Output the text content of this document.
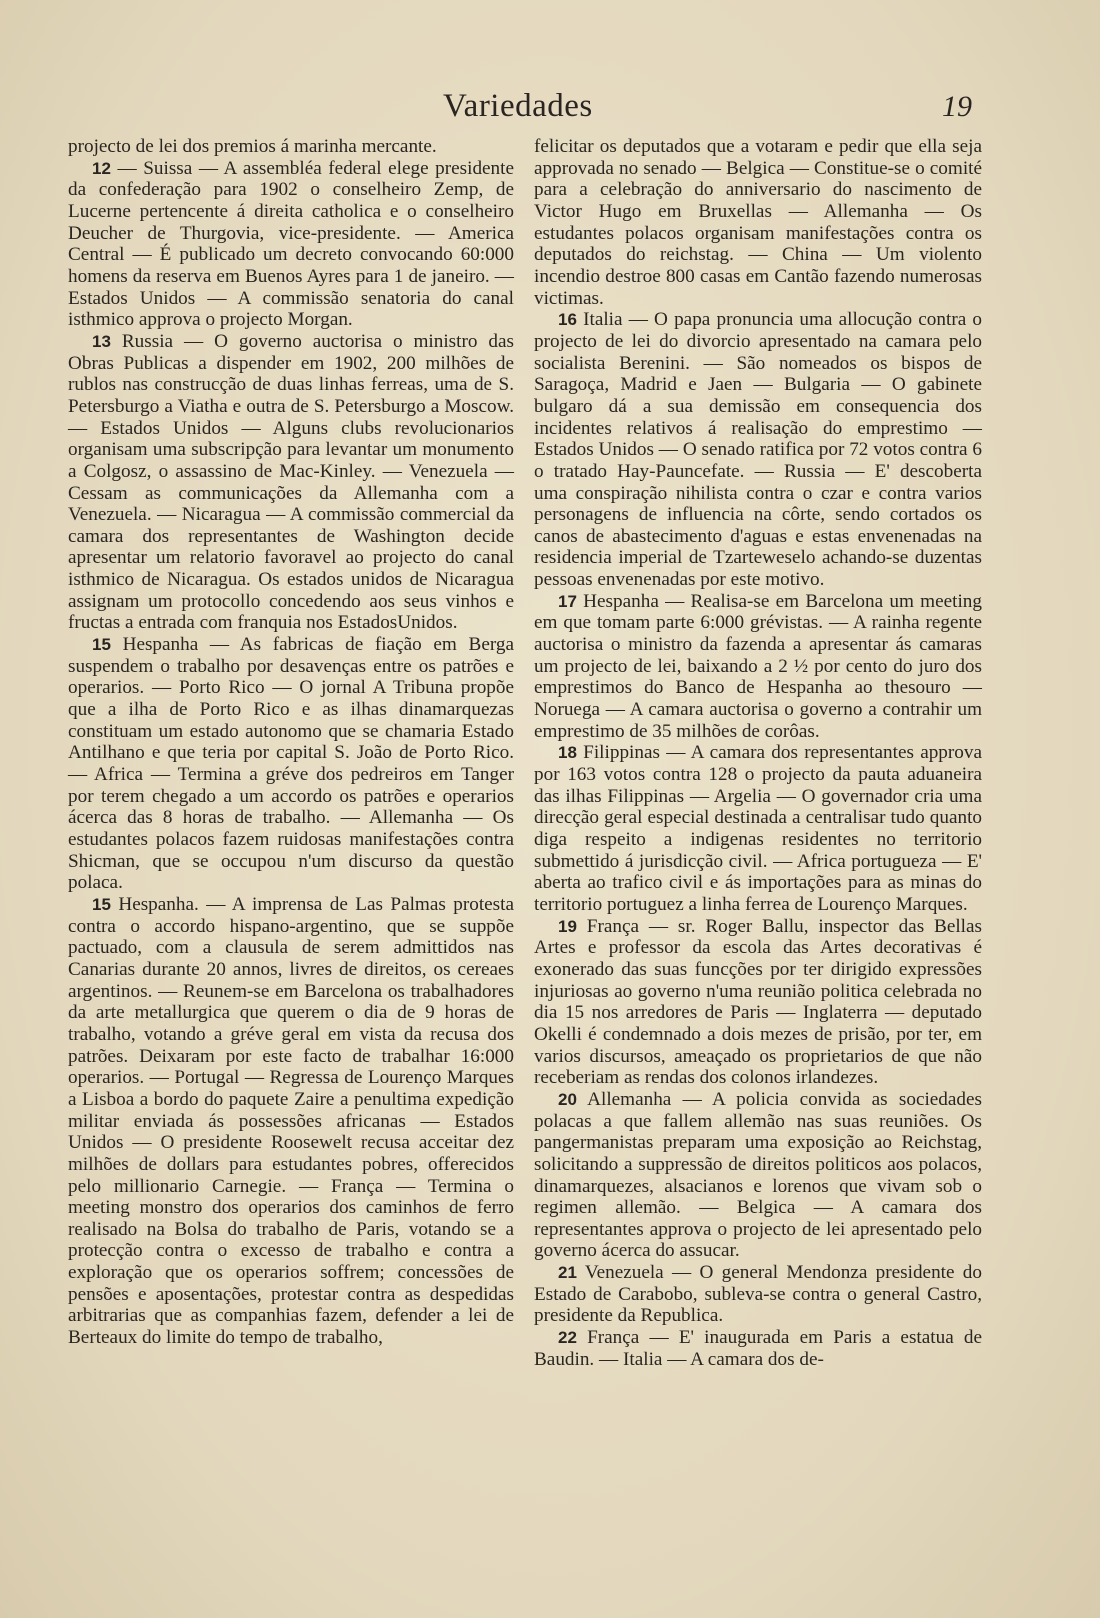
Variedades	19

projecto de lei dos premios á marinha mercante.

12 — Suissa — A assembléa federal elege presidente da confederação para 1902 o conselheiro Zemp, de Lucerne pertencente á direita catholica e o conselheiro Deucher de Thurgovia, vice-presidente. — America Central — É publicado um decreto convocando 60:000 homens da reserva em Buenos Ayres para 1 de janeiro. — Estados Unidos — A commissão senatoria do canal isthmico approva o projecto Morgan.

13 Russia — O governo auctorisa o ministro das Obras Publicas a dispender em 1902, 200 milhões de rublos nas construcção de duas linhas ferreas, uma de S. Petersburgo a Viatha e outra de S. Petersburgo a Moscow. — Estados Unidos — Alguns clubs revolucionarios organisam uma subscripção para levantar um monumento a Colgosz, o assassino de Mac-Kinley. — Venezuela — Cessam as communicações da Allemanha com a Venezuela. — Nicaragua — A commissão commercial da camara dos representantes de Washington decide apresentar um relatorio favoravel ao projecto do canal isthmico de Nicaragua. Os estados unidos de Nicaragua assignam um protocollo concedendo aos seus vinhos e fructas a entrada com franquia nos EstadosUnidos.

15 Hespanha — As fabricas de fiação em Berga suspendem o trabalho por desavenças entre os patrões e operarios. — Porto Rico — O jornal A Tribuna propõe que a ilha de Porto Rico e as ilhas dinamarquezas constituam um estado autonomo que se chamaria Estado Antilhano e que teria por capital S. João de Porto Rico. — Africa — Termina a gréve dos pedreiros em Tanger por terem chegado a um accordo os patrões e operarios ácerca das 8 horas de trabalho. — Allemanha — Os estudantes polacos fazem ruidosas manifestações contra Shicman, que se occupou n'um discurso da questão polaca.

15 Hespanha. — A imprensa de Las Palmas protesta contra o accordo hispano-argentino, que se suppõe pactuado, com a clausula de serem admittidos nas Canarias durante 20 annos, livres de direitos, os cereaes argentinos. — Reunem-se em Barcelona os trabalhadores da arte metallurgica que querem o dia de 9 horas de trabalho, votando a gréve geral em vista da recusa dos patrões. Deixaram por este facto de trabalhar 16:000 operarios. — Portugal — Regressa de Lourenço Marques a Lisboa a bordo do paquete Zaire a penultima expedição militar enviada ás possessões africanas — Estados Unidos — O presidente Roosewelt recusa acceitar dez milhões de dollars para estudantes pobres, offerecidos pelo millionario Carnegie. — França — Termina o meeting monstro dos operarios dos caminhos de ferro realisado na Bolsa do trabalho de Paris, votando se a protecção contra o excesso de trabalho e contra a exploração que os operarios soffrem; concessões de pensões e aposentações, protestar contra as despedidas arbitrarias que as companhias fazem, defender a lei de Berteaux do limite do tempo de trabalho,

felicitar os deputados que a votaram e pedir que ella seja approvada no senado — Belgica — Constitue-se o comité para a celebração do anniversario do nascimento de Victor Hugo em Bruxellas — Allemanha — Os estudantes polacos organisam manifestações contra os deputados do reichstag. — China — Um violento incendio destroe 800 casas em Cantão fazendo numerosas victimas.

16 Italia — O papa pronuncia uma allocução contra o projecto de lei do divorcio apresentado na camara pelo socialista Berenini. — São nomeados os bispos de Saragoça, Madrid e Jaen — Bulgaria — O gabinete bulgaro dá a sua demissão em consequencia dos incidentes relativos á realisação do emprestimo — Estados Unidos — O senado ratifica por 72 votos contra 6 o tratado Hay-Pauncefate. — Russia — E' descoberta uma conspiração nihilista contra o czar e contra varios personagens de influencia na côrte, sendo cortados os canos de abastecimento d'aguas e estas envenenadas na residencia imperial de Tzarteweselo achando-se duzentas pessoas envenenadas por este motivo.

17 Hespanha — Realisa-se em Barcelona um meeting em que tomam parte 6:000 grévistas. — A rainha regente auctorisa o ministro da fazenda a apresentar ás camaras um projecto de lei, baixando a 2 ½ por cento do juro dos emprestimos do Banco de Hespanha ao thesouro — Noruega — A camara auctorisa o governo a contrahir um emprestimo de 35 milhões de corôas.

18 Filippinas — A camara dos representantes approva por 163 votos contra 128 o projecto da pauta aduaneira das ilhas Filippinas — Argelia — O governador cria uma direcção geral especial destinada a centralisar tudo quanto diga respeito a indigenas residentes no territorio submettido á jurisdicção civil. — Africa portugueza — E' aberta ao trafico civil e ás importações para as minas do territorio portuguez a linha ferrea de Lourenço Marques.

19 França — sr. Roger Ballu, inspector das Bellas Artes e professor da escola das Artes decorativas é exonerado das suas funcções por ter dirigido expressões injuriosas ao governo n'uma reunião politica celebrada no dia 15 nos arredores de Paris — Inglaterra — deputado Okelli é condemnado a dois mezes de prisão, por ter, em varios discursos, ameaçado os proprietarios de que não receberiam as rendas dos colonos irlandezes.

20 Allemanha — A policia convida as sociedades polacas a que fallem allemão nas suas reuniões. Os pangermanistas preparam uma exposição ao Reichstag, solicitando a suppressão de direitos politicos aos polacos, dinamarquezes, alsacianos e lorenos que vivam sob o regimen allemão. — Belgica — A camara dos representantes approva o projecto de lei apresentado pelo governo ácerca do assucar.

21 Venezuela — O general Mendonza presidente do Estado de Carabobo, subleva-se contra o general Castro, presidente da Republica.

22 França — E' inaugurada em Paris a estatua de Baudin. — Italia — A camara dos de-
